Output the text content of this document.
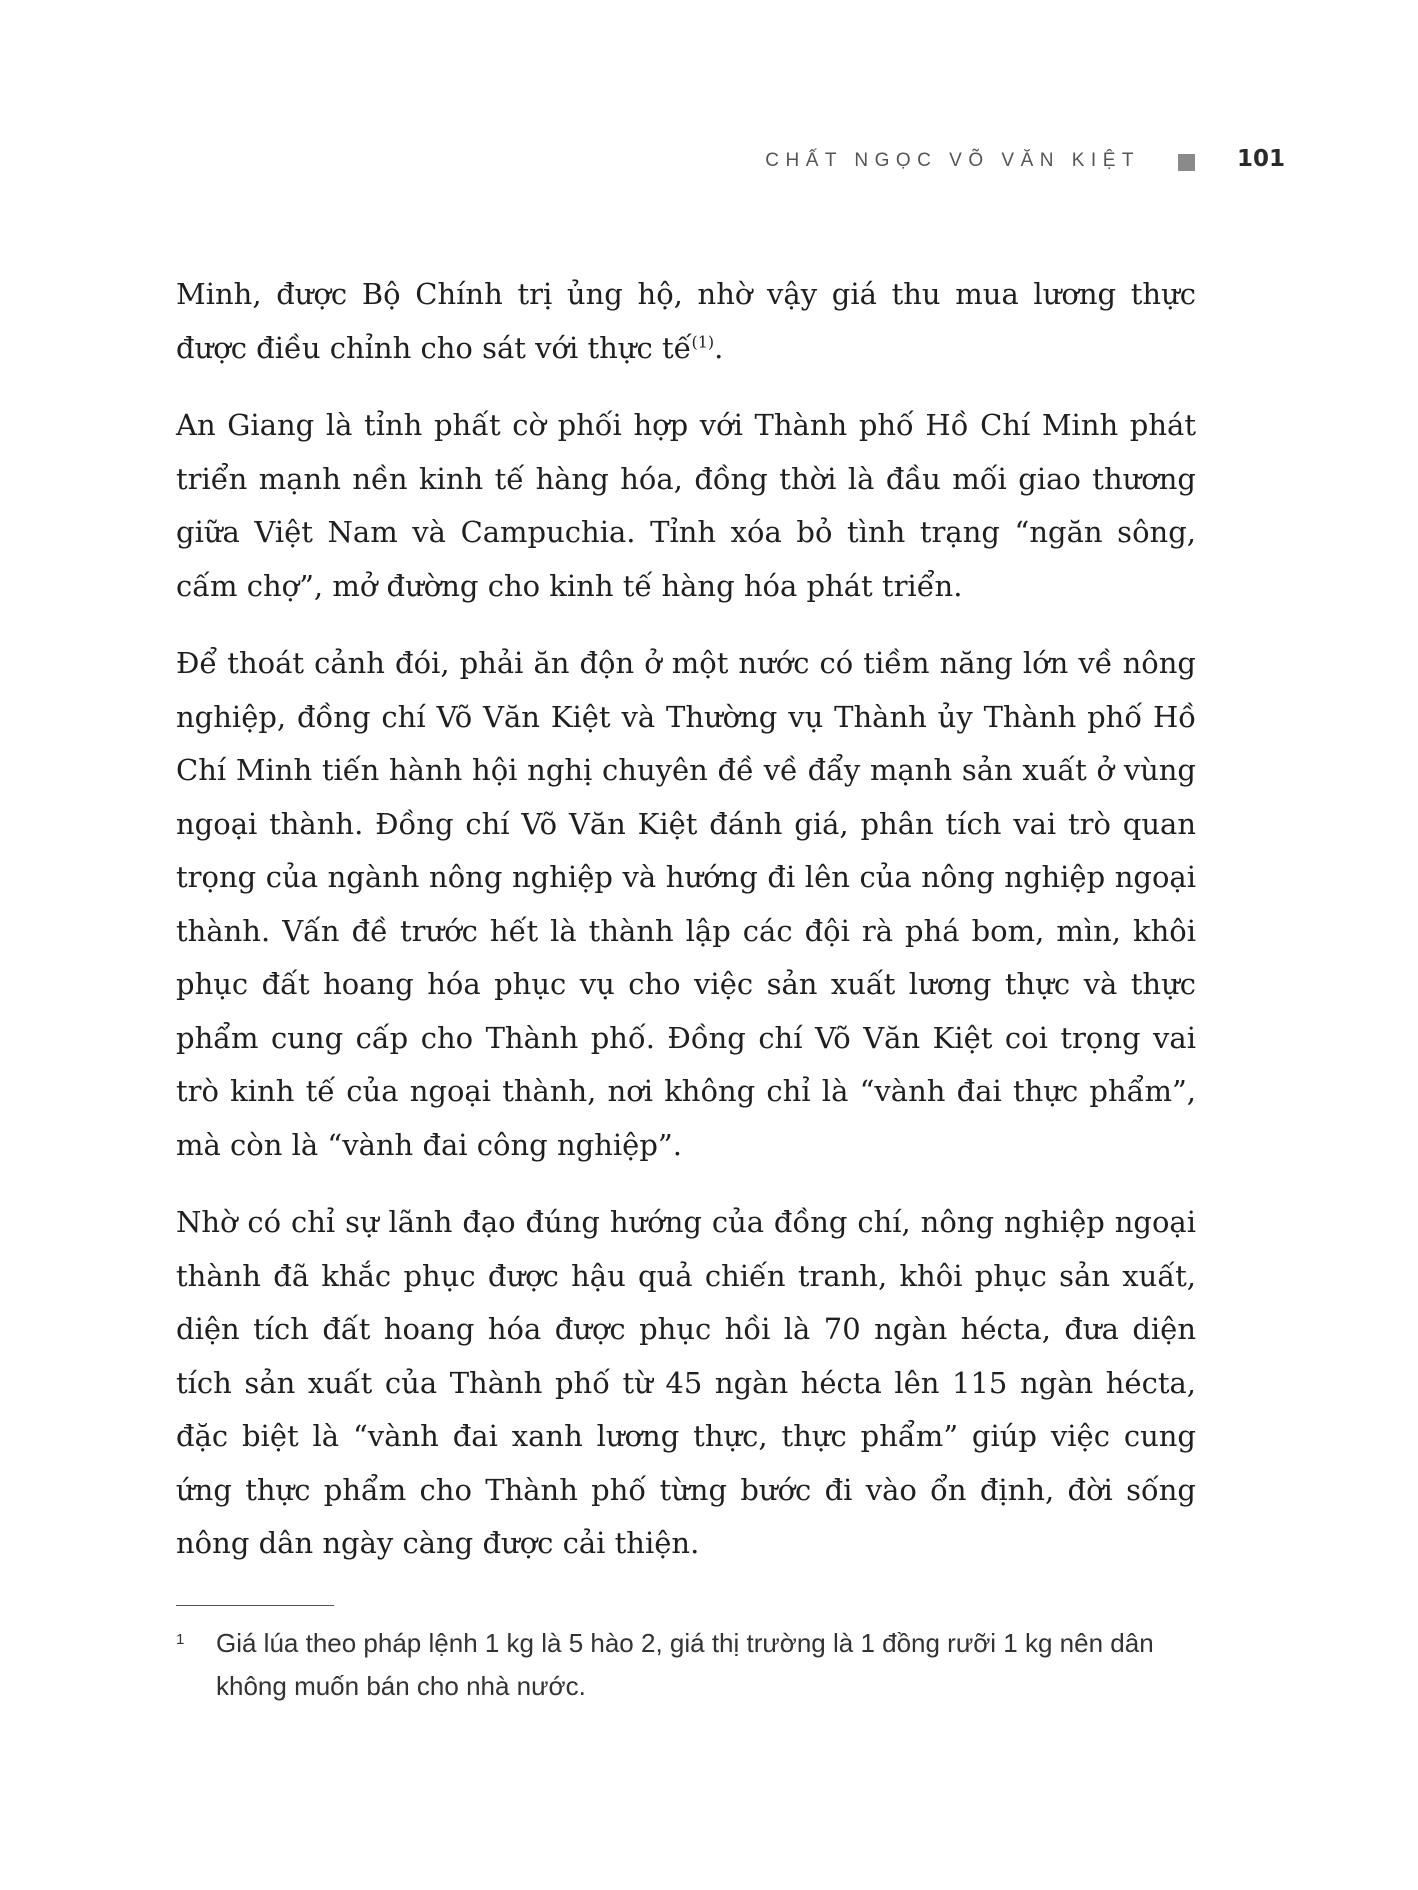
CHẤT NGỌC VÕ VĂN KIỆT	101

Minh, được Bộ Chính trị ủng hộ, nhờ vậy giá thu mua lương thực được điều chỉnh cho sát với thực tế$^{(1)}$.

An Giang là tỉnh phất cờ phối hợp với Thành phố Hồ Chí Minh phát triển mạnh nền kinh tế hàng hóa, đồng thời là đầu mối giao thương giữa Việt Nam và Campuchia. Tỉnh xóa bỏ tình trạng “ngăn sông, cấm chợ”, mở đường cho kinh tế hàng hóa phát triển.

Để thoát cảnh đói, phải ăn độn ở một nước có tiềm năng lớn về nông nghiệp, đồng chí Võ Văn Kiệt và Thường vụ Thành ủy Thành phố Hồ Chí Minh tiến hành hội nghị chuyên đề về đẩy mạnh sản xuất ở vùng ngoại thành. Đồng chí Võ Văn Kiệt đánh giá, phân tích vai trò quan trọng của ngành nông nghiệp và hướng đi lên của nông nghiệp ngoại thành. Vấn đề trước hết là thành lập các đội rà phá bom, mìn, khôi phục đất hoang hóa phục vụ cho việc sản xuất lương thực và thực phẩm cung cấp cho Thành phố. Đồng chí Võ Văn Kiệt coi trọng vai trò kinh tế của ngoại thành, nơi không chỉ là “vành đai thực phẩm”, mà còn là “vành đai công nghiệp”.

Nhờ có chỉ sự lãnh đạo đúng hướng của đồng chí, nông nghiệp ngoại thành đã khắc phục được hậu quả chiến tranh, khôi phục sản xuất, diện tích đất hoang hóa được phục hồi là 70 ngàn hécta, đưa diện tích sản xuất của Thành phố từ 45 ngàn hécta lên 115 ngàn hécta, đặc biệt là “vành đai xanh lương thực, thực phẩm” giúp việc cung ứng thực phẩm cho Thành phố từng bước đi vào ổn định, đời sống nông dân ngày càng được cải thiện.

1 Giá lúa theo pháp lệnh 1 kg là 5 hào 2, giá thị trường là 1 đồng rưỡi 1 kg nên dân không muốn bán cho nhà nước.
